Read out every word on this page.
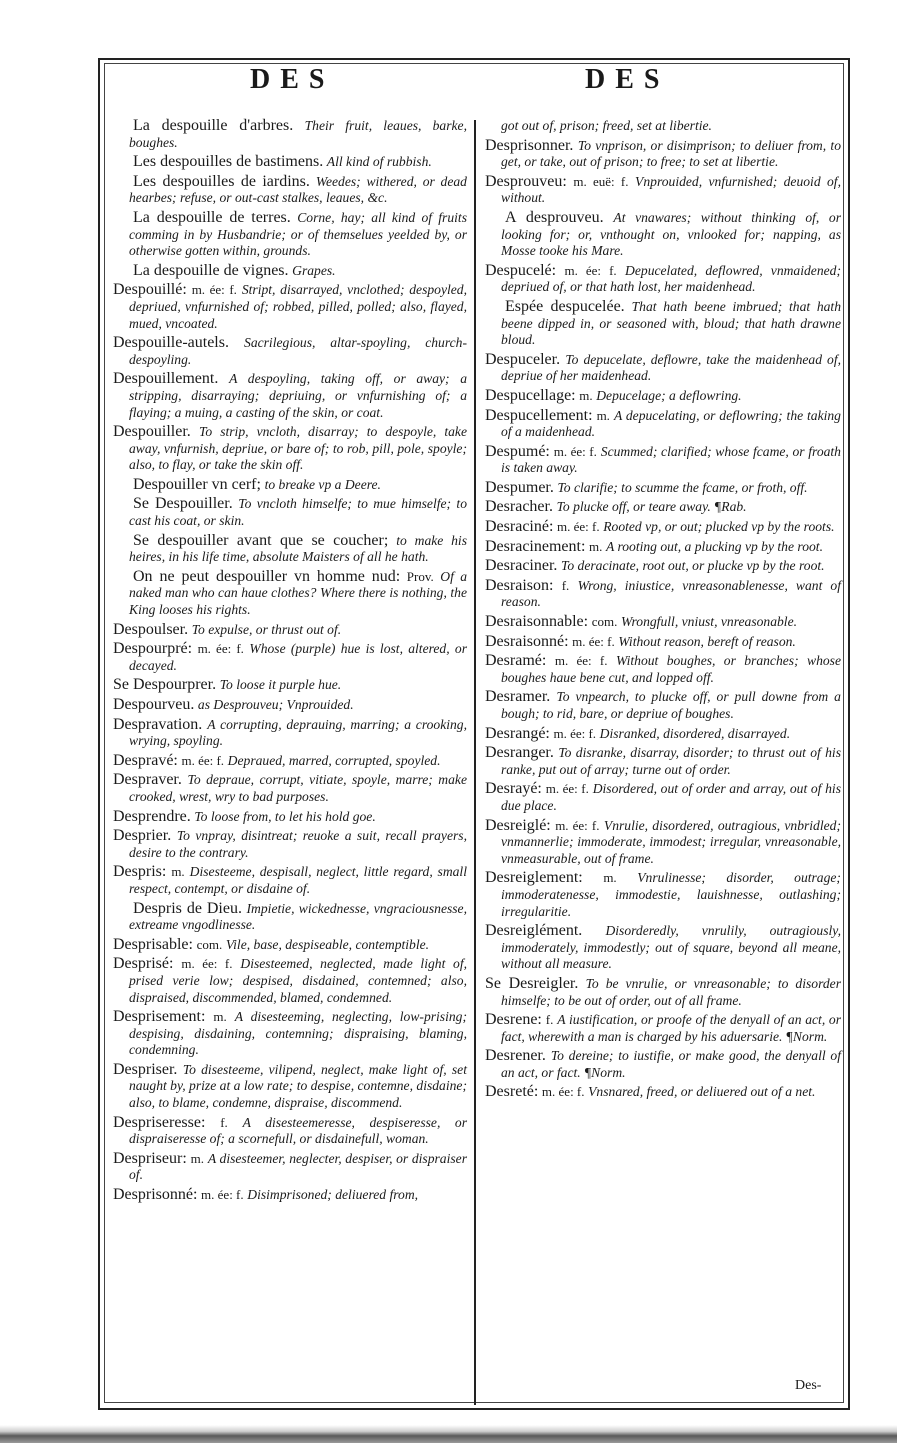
DES	DES

La despouille d'arbres. Their fruit, leaues, barke, boughes.

Les despouilles de bastimens. All kind of rubbish.

Les despouilles de iardins. Weedes; withered, or dead hearbes; refuse, or out-cast stalkes, leaues, &c.

La despouille de terres. Corne, hay; all kind of fruits comming in by Husbandrie; or of themselues yeelded by, or otherwise gotten within, grounds.

La despouille de vignes. Grapes.

Despouillé: m. ée: f. Stript, disarrayed, vnclothed; despoyled, depriued, vnfurnished of; robbed, pilled, polled; also, flayed, mued, vncoated.

Despouille-autels. Sacrilegious, altar-spoyling, church-despoyling.

Despouillement. A despoyling, taking off, or away; a stripping, disarraying; depriuing, or vnfurnishing of; a flaying; a muing, a casting of the skin, or coat.

Despouiller. To strip, vncloth, disarray; to despoyle, take away, vnfurnish, depriue, or bare of; to rob, pill, pole, spoyle; also, to flay, or take the skin off.

Despouiller vn cerf; to breake vp a Deere.

Se Despouiller. To vncloth himselfe; to mue himselfe; to cast his coat, or skin.

Se despouiller avant que se coucher; to make his heires, in his life time, absolute Maisters of all he hath.

On ne peut despouiller vn homme nud: Prov. Of a naked man who can haue clothes? Where there is nothing, the King looses his rights.

Despoulser. To expulse, or thrust out of.

Despourpré: m. ée: f. Whose (purple) hue is lost, altered, or decayed.

Se Despourprer. To loose it purple hue.

Despourveu. as Desprouveu; Vnprouided.

Despravation. A corrupting, deprauing, marring; a crooking, wrying, spoyling.

Despravé: m. ée: f. Depraued, marred, corrupted, spoyled.

Despraver. To depraue, corrupt, vitiate, spoyle, marre; make crooked, wrest, wry to bad purposes.

Desprendre. To loose from, to let his hold goe.

Desprier. To vnpray, disintreat; reuoke a suit, recall prayers, desire to the contrary.

Despris: m. Disesteeme, despisall, neglect, little regard, small respect, contempt, or disdaine of.

Despris de Dieu. Impietie, wickednesse, vngraciousnesse, extreame vngodlinesse.

Desprisable: com. Vile, base, despiseable, contemptible.

Desprisé: m. ée: f. Disesteemed, neglected, made light of, prised verie low; despised, disdained, contemned; also, dispraised, discommended, blamed, condemned.

Desprisement: m. A disesteeming, neglecting, low-prising; despising, disdaining, contemning; dispraising, blaming, condemning.

Despriser. To disesteeme, vilipend, neglect, make light of, set naught by, prize at a low rate; to despise, contemne, disdaine; also, to blame, condemne, dispraise, discommend.

Despriseresse: f. A disesteemeresse, despiseresse, or dispraiseresse of; a scornefull, or disdainefull, woman.

Despriseur: m. A disesteemer, neglecter, despiser, or dispraiser of.

Desprisonné: m. ée: f. Disimprisoned; deliuered from,

got out of, prison; freed, set at libertie.

Desprisonner. To vnprison, or disimprison; to deliuer from, to get, or take, out of prison; to free; to set at libertie.

Desprouveu: m. euë: f. Vnprouided, vnfurnished; deuoid of, without.

A desprouveu. At vnawares; without thinking of, or looking for; or, vnthought on, vnlooked for; napping, as Mosse tooke his Mare.

Despucelé: m. ée: f. Depucelated, deflowred, vnmaidened; depriued of, or that hath lost, her maidenhead.

Espée despucelée. That hath beene imbrued; that hath beene dipped in, or seasoned with, bloud; that hath drawne bloud.

Despuceler. To depucelate, deflowre, take the maidenhead of, depriue of her maidenhead.

Despucellage: m. Depucelage; a deflowring.

Despucellement: m. A depucelating, or deflowring; the taking of a maidenhead.

Despumé: m. ée: f. Scummed; clarified; whose fcame, or froath is taken away.

Despumer. To clarifie; to scumme the fcame, or froth, off.

Desracher. To plucke off, or teare away. ¶Rab.

Desraciné: m. ée: f. Rooted vp, or out; plucked vp by the roots.

Desracinement: m. A rooting out, a plucking vp by the root.

Desraciner. To deracinate, root out, or plucke vp by the root.

Desraison: f. Wrong, iniustice, vnreasonablenesse, want of reason.

Desraisonnable: com. Wrongfull, vniust, vnreasonable.

Desraisonné: m. ée: f. Without reason, bereft of reason.

Desramé: m. ée: f. Without boughes, or branches; whose boughes haue bene cut, and lopped off.

Desramer. To vnpearch, to plucke off, or pull downe from a bough; to rid, bare, or depriue of boughes.

Desrangé: m. ée: f. Disranked, disordered, disarrayed.

Desranger. To disranke, disarray, disorder; to thrust out of his ranke, put out of array; turne out of order.

Desrayé: m. ée: f. Disordered, out of order and array, out of his due place.

Desreiglé: m. ée: f. Vnrulie, disordered, outragious, vnbridled; vnmannerlie; immoderate, immodest; irregular, vnreasonable, vnmeasurable, out of frame.

Desreiglement: m. Vnrulinesse; disorder, outrage; immoderatenesse, immodestie, lauishnesse, outlashing; irregularitie.

Desreiglément. Disorderedly, vnrulily, outragiously, immoderately, immodestly; out of square, beyond all meane, without all measure.

Se Desreigler. To be vnrulie, or vnreasonable; to disorder himselfe; to be out of order, out of all frame.

Desrene: f. A iustification, or proofe of the denyall of an act, or fact, wherewith a man is charged by his aduersarie. ¶Norm.

Desrener. To dereine; to iustifie, or make good, the denyall of an act, or fact. ¶Norm.

Desreté: m. ée: f. Vnsnared, freed, or deliuered out of a net.

Des-
